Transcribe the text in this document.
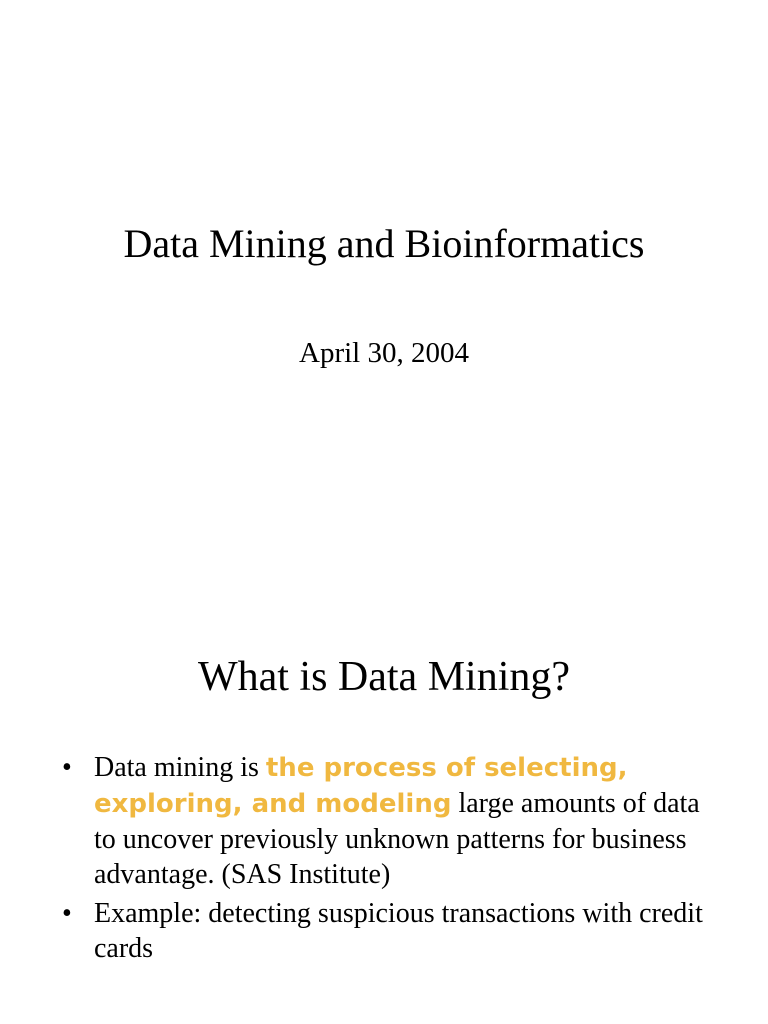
Data Mining and Bioinformatics
April 30, 2004
What is Data Mining?
• Data mining is the process of selecting, exploring, and modeling large amounts of data to uncover previously unknown patterns for business advantage. (SAS Institute)
• Example: detecting suspicious transactions with credit cards
